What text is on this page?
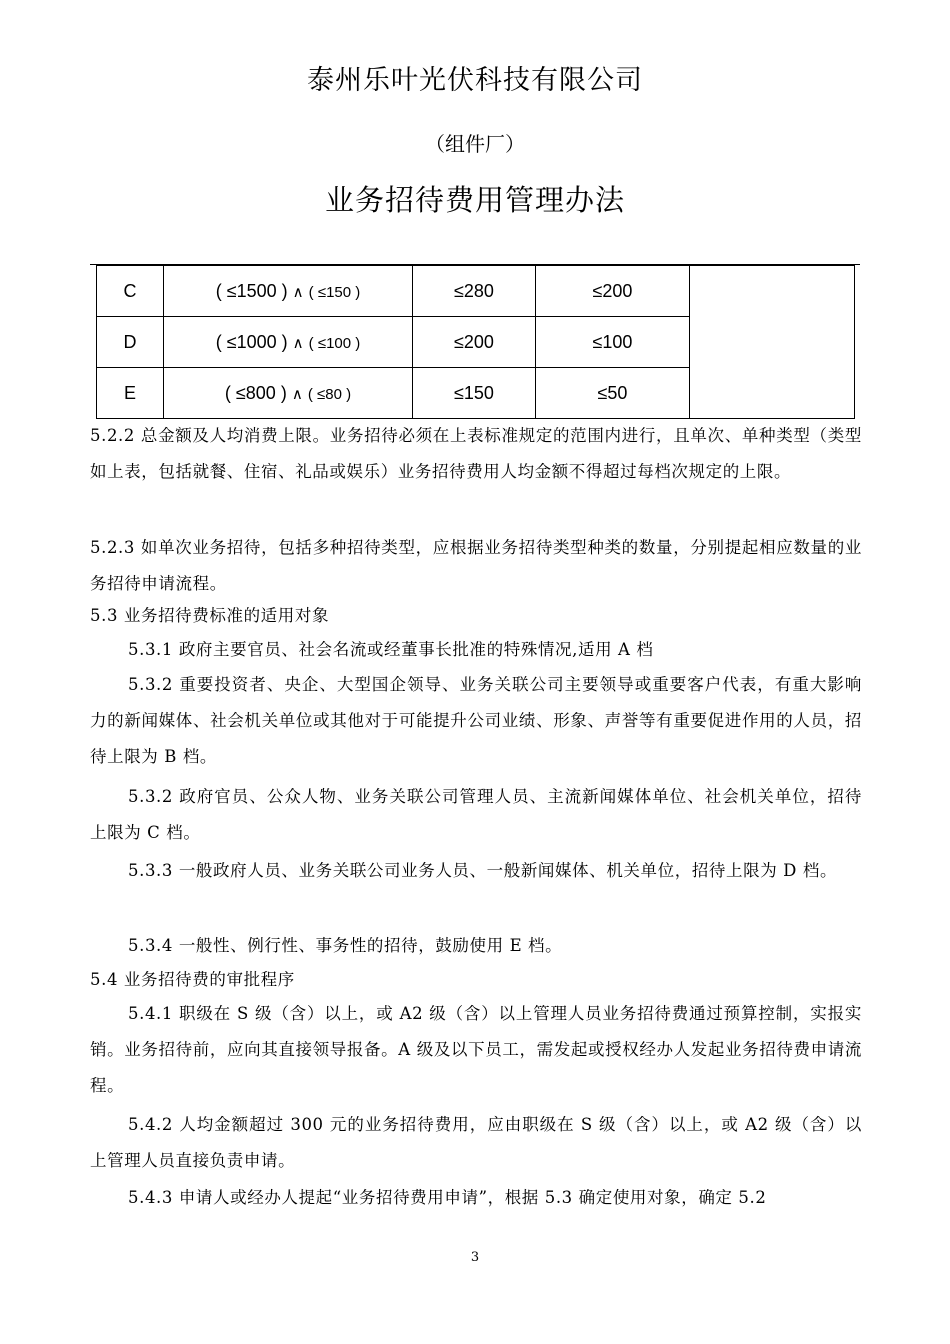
泰州乐叶光伏科技有限公司
（组件厂）
业务招待费用管理办法
C	( ≤1500 ) ∧ ( ≤150 )	≤280	≤200	
D	( ≤1000 ) ∧ ( ≤100 )	≤200	≤100	
E	( ≤800 ) ∧ ( ≤80 )	≤150	≤50	

5.2.2 总金额及人均消费上限。业务招待必须在上表标准规定的范围内进行，且单次、单种类型（类型如上表，包括就餐、住宿、礼品或娱乐）业务招待费用人均金额不得超过每档次规定的上限。

5.2.3 如单次业务招待，包括多种招待类型，应根据业务招待类型种类的数量，分别提起相应数量的业务招待申请流程。

5.3 业务招待费标准的适用对象

5.3.1 政府主要官员、社会名流或经董事长批准的特殊情况,适用 A 档

5.3.2 重要投资者、央企、大型国企领导、业务关联公司主要领导或重要客户代表，有重大影响力的新闻媒体、社会机关单位或其他对于可能提升公司业绩、形象、声誉等有重要促进作用的人员，招待上限为 B 档。

5.3.2 政府官员、公众人物、业务关联公司管理人员、主流新闻媒体单位、社会机关单位，招待上限为 C 档。

5.3.3 一般政府人员、业务关联公司业务人员、一般新闻媒体、机关单位，招待上限为 D 档。

5.3.4 一般性、例行性、事务性的招待，鼓励使用 E 档。

5.4 业务招待费的审批程序

5.4.1 职级在 S 级（含）以上，或 A2 级（含）以上管理人员业务招待费通过预算控制，实报实销。业务招待前，应向其直接领导报备。A 级及以下员工，需发起或授权经办人发起业务招待费申请流程。

5.4.2 人均金额超过 300 元的业务招待费用，应由职级在 S 级（含）以上，或 A2 级（含）以上管理人员直接负责申请。

5.4.3 申请人或经办人提起“业务招待费用申请”，根据 5.3 确定使用对象，确定 5.2

3
